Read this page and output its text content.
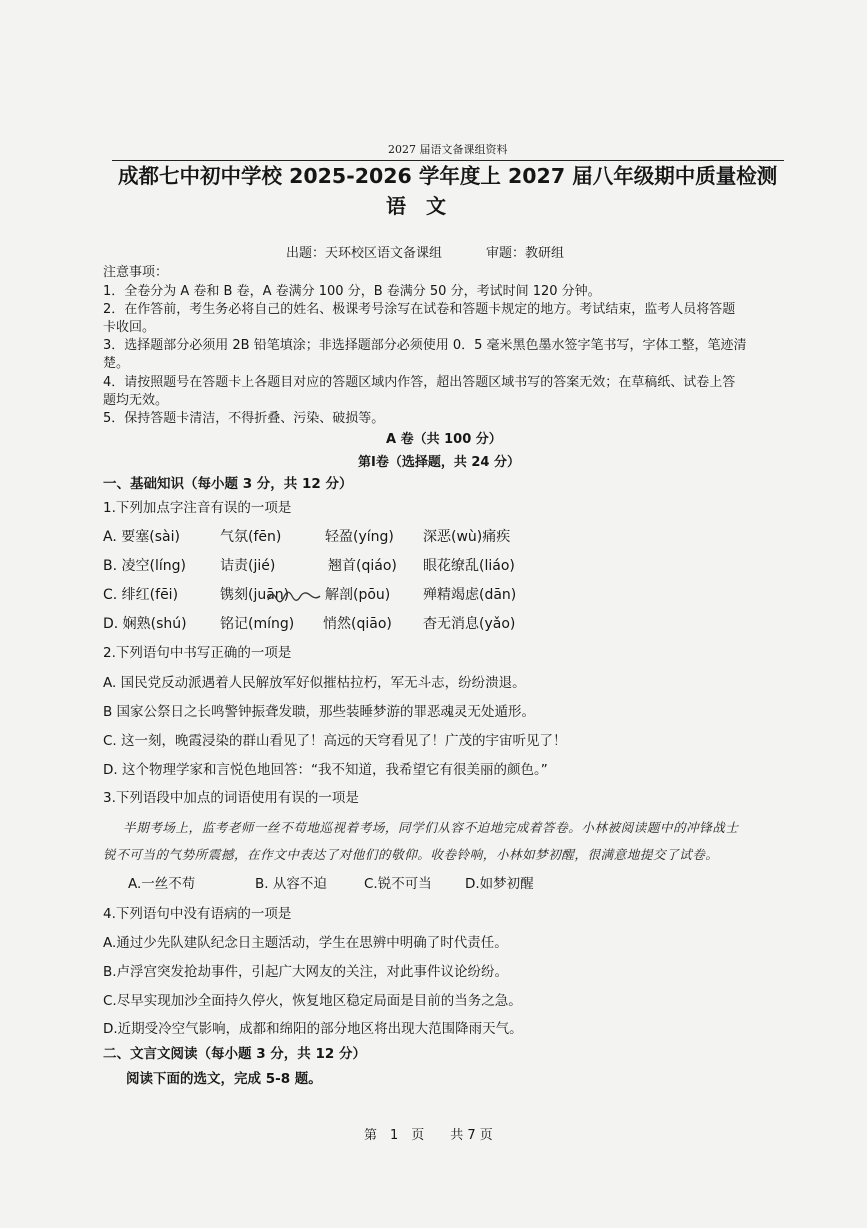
2027 届语文备课组资料
成都七中初中学校 2025-2026 学年度上 2027 届八年级期中质量检测
语　文
出题：天环校区语文备课组	审题：教研组
注意事项：
1．全卷分为 A 卷和 B 卷，A 卷满分 100 分，B 卷满分 50 分，考试时间 120 分钟。
2．在作答前，考生务必将自己的姓名、极课考号涂写在试卷和答题卡规定的地方。考试结束，监考人员将答题
卡收回。
3．选择题部分必须用 2B 铅笔填涂；非选择题部分必须使用 0．5 毫米黑色墨水签字笔书写，字体工整，笔迹清
楚。
4．请按照题号在答题卡上各题目对应的答题区域内作答，超出答题区域书写的答案无效；在草稿纸、试卷上答
题均无效。
5．保持答题卡清洁，不得折叠、污染、破损等。
A 卷（共 100 分）
第Ⅰ卷（选择题，共 24 分）
一、基础知识（每小题 3 分，共 12 分）
1.下列加点字注音有误的一项是
A. 要塞(sài)	气氛(fēn)	轻盈(yíng) 深恶(wù)痛疾
B. 凌空(líng) 诘责(jié)	翘首(qiáo) 眼花缭乱(liáo)
C. 绯红(fēi)	镌刻(juān)	解剖(pōu) 殚精竭虑(dān)
D. 娴熟(shú) 铭记(míng) 悄然(qiāo) 杳无消息(yǎo)
2.下列语句中书写正确的一项是
A. 国民党反动派遇着人民解放军好似摧枯拉朽，军无斗志，纷纷溃退。
B 国家公祭日之长鸣警钟振聋发聩，那些装睡梦游的罪恶魂灵无处遁形。
C. 这一刻，晚霞浸染的群山看见了！高远的天穹看见了！广茂的宇宙听见了！
D. 这个物理学家和言悦色地回答：“我不知道，我希望它有很美丽的颜色。”
3.下列语段中加点的词语使用有误的一项是
半期考场上，监考老师一丝不苟地巡视着考场，同学们从容不迫地完成着答卷。小林被阅读题中的冲锋战士
锐不可当的气势所震撼，在作文中表达了对他们的敬仰。收卷铃响，小林如梦初醒，很满意地提交了试卷。
A.一丝不苟	B. 从容不迫	C.锐不可当 D.如梦初醒
4.下列语句中没有语病的一项是
A.通过少先队建队纪念日主题活动，学生在思辨中明确了时代责任。
B.卢浮宫突发抢劫事件，引起广大网友的关注，对此事件议论纷纷。
C.尽早实现加沙全面持久停火，恢复地区稳定局面是目前的当务之急。
D.近期受冷空气影响，成都和绵阳的部分地区将出现大范围降雨天气。
二、文言文阅读（每小题 3 分，共 12 分）
阅读下面的选文，完成 5-8 题。
第　1　页　　共 7 页
